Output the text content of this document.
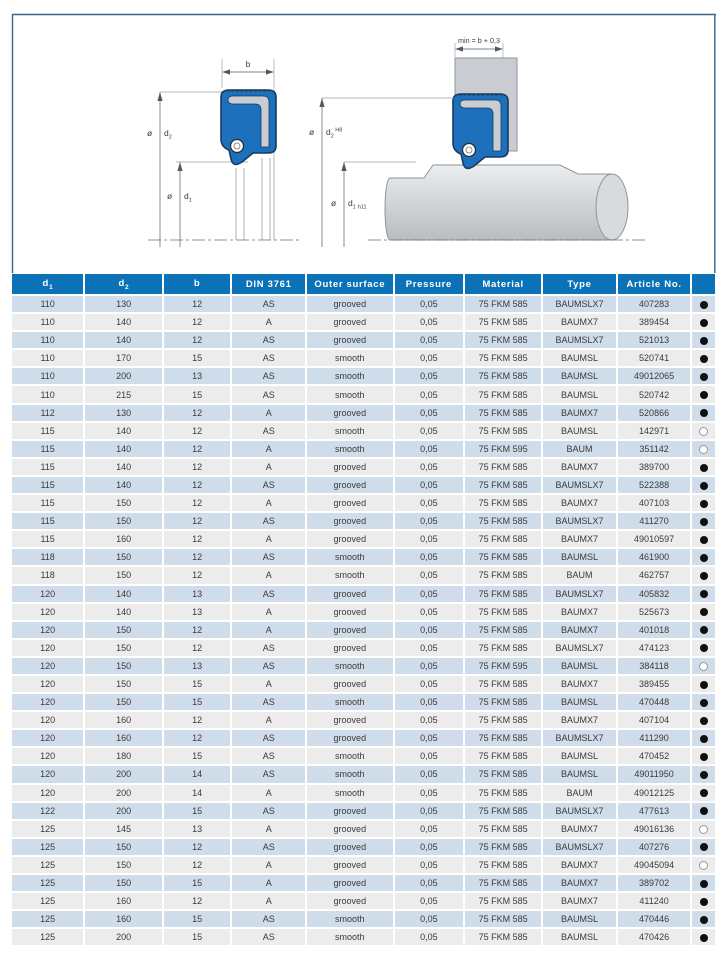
b
ø $d_2$
ø $d_1$
min = b + 0,3
ø $d_2^{H8}$
ø $d_1$ h11
$d_1$	$d_2$	b	DIN 3761	Outer surface	Pressure	Material	Type	Article No.	
110	130	12	AS	grooved	0,05	75 FKM 585	BAUMSLX7	407283	
110	140	12	A	grooved	0,05	75 FKM 585	BAUMX7	389454	
110	140	12	AS	grooved	0,05	75 FKM 585	BAUMSLX7	521013	
110	170	15	AS	smooth	0,05	75 FKM 585	BAUMSL	520741	
110	200	13	AS	smooth	0,05	75 FKM 585	BAUMSL	49012065	
110	215	15	AS	smooth	0,05	75 FKM 585	BAUMSL	520742	
112	130	12	A	grooved	0,05	75 FKM 585	BAUMX7	520866	
115	140	12	AS	smooth	0,05	75 FKM 585	BAUMSL	142971	
115	140	12	A	smooth	0,05	75 FKM 595	BAUM	351142	
115	140	12	A	grooved	0,05	75 FKM 585	BAUMX7	389700	
115	140	12	AS	grooved	0,05	75 FKM 585	BAUMSLX7	522388	
115	150	12	A	grooved	0,05	75 FKM 585	BAUMX7	407103	
115	150	12	AS	grooved	0,05	75 FKM 585	BAUMSLX7	411270	
115	160	12	A	grooved	0,05	75 FKM 585	BAUMX7	49010597	
118	150	12	AS	smooth	0,05	75 FKM 585	BAUMSL	461900	
118	150	12	A	smooth	0,05	75 FKM 585	BAUM	462757	
120	140	13	AS	grooved	0,05	75 FKM 585	BAUMSLX7	405832	
120	140	13	A	grooved	0,05	75 FKM 585	BAUMX7	525673	
120	150	12	A	grooved	0,05	75 FKM 585	BAUMX7	401018	
120	150	12	AS	grooved	0,05	75 FKM 585	BAUMSLX7	474123	
120	150	13	AS	smooth	0,05	75 FKM 595	BAUMSL	384118	
120	150	15	A	grooved	0,05	75 FKM 585	BAUMX7	389455	
120	150	15	AS	smooth	0,05	75 FKM 585	BAUMSL	470448	
120	160	12	A	grooved	0,05	75 FKM 585	BAUMX7	407104	
120	160	12	AS	grooved	0,05	75 FKM 585	BAUMSLX7	411290	
120	180	15	AS	smooth	0,05	75 FKM 585	BAUMSL	470452	
120	200	14	AS	smooth	0,05	75 FKM 585	BAUMSL	49011950	
120	200	14	A	smooth	0,05	75 FKM 585	BAUM	49012125	
122	200	15	AS	grooved	0,05	75 FKM 585	BAUMSLX7	477613	
125	145	13	A	grooved	0,05	75 FKM 585	BAUMX7	49016136	
125	150	12	AS	grooved	0,05	75 FKM 585	BAUMSLX7	407276	
125	150	12	A	grooved	0,05	75 FKM 585	BAUMX7	49045094	
125	150	15	A	grooved	0,05	75 FKM 585	BAUMX7	389702	
125	160	12	A	grooved	0,05	75 FKM 585	BAUMX7	411240	
125	160	15	AS	smooth	0,05	75 FKM 585	BAUMSL	470446	
125	200	15	AS	smooth	0,05	75 FKM 585	BAUMSL	470426	
